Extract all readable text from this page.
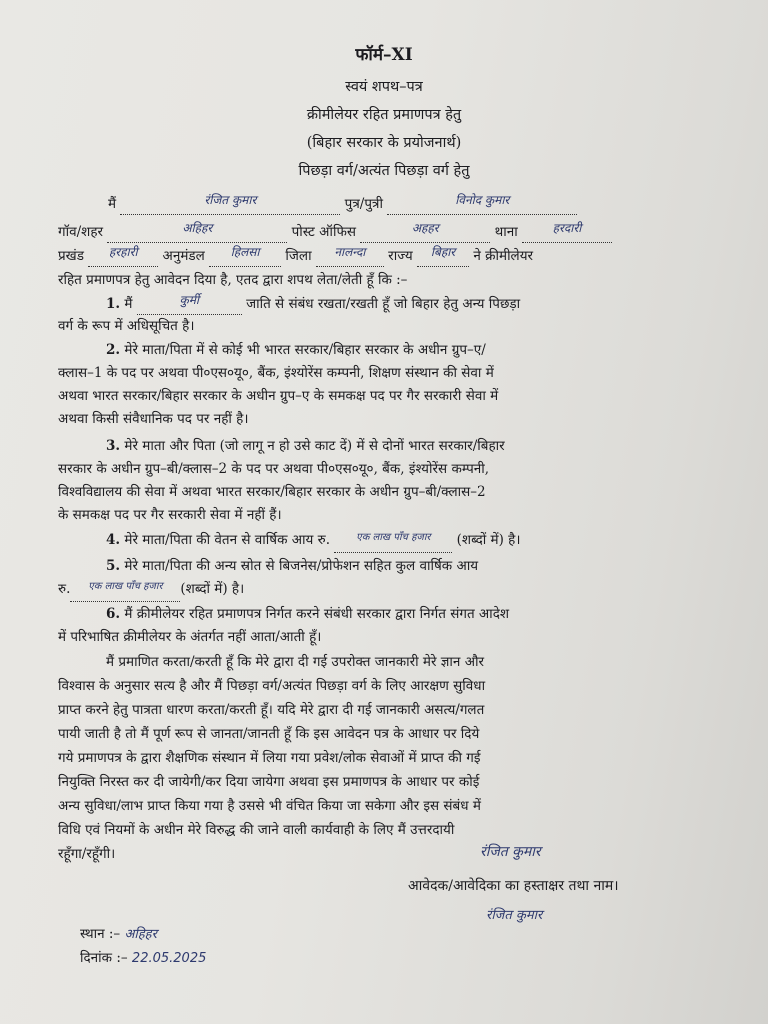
फॉर्म–XI
स्वयं शपथ–पत्र
क्रीमीलेयर रहित प्रमाणपत्र हेतु
(बिहार सरकार के प्रयोजनार्थ)
पिछड़ा वर्ग/अत्यंत पिछड़ा वर्ग हेतु
मैं	रंजित कुमार	पुत्र/पुत्री	विनोद कुमार
गॉव/शहर	अहिहर	पोस्ट ऑफिस	अहहर	थाना	हरदारी
प्रखंड हरहारी अनुमंडल हिलसा जिला नालन्दा राज्य बिहार ने क्रीमीलेयर
रहित प्रमाणपत्र हेतु आवेदन दिया है, एतद द्वारा शपथ लेता/लेती हूँ कि :–
1. मैं	कुर्मी	जाति से संबंध रखता/रखती हूँ जो बिहार हेतु अन्य पिछड़ा
वर्ग के रूप में अधिसूचित है।
2. मेरे माता/पिता में से कोई भी भारत सरकार/बिहार सरकार के अधीन ग्रुप–ए/
क्लास–1 के पद पर अथवा पी०एस०यू०, बैंक, इंश्योरेंस कम्पनी, शिक्षण संस्थान की सेवा में
अथवा भारत सरकार/बिहार सरकार के अधीन ग्रुप–ए के समकक्ष पद पर गैर सरकारी सेवा में
अथवा किसी संवैधानिक पद पर नहीं है।
3. मेरे माता और पिता (जो लागू न हो उसे काट दें) में से दोनों भारत सरकार/बिहार
सरकार के अधीन ग्रुप–बी/क्लास–2 के पद पर अथवा पी०एस०यू०, बैंक, इंश्योरेंस कम्पनी,
विश्वविद्यालय की सेवा में अथवा भारत सरकार/बिहार सरकार के अधीन ग्रुप–बी/क्लास–2
के समकक्ष पद पर गैर सरकारी सेवा में नहीं हैं।
4. मेरे माता/पिता की वेतन से वार्षिक आय रु.	$^{एक लाख पाँच हजार}$ (शब्दों में) है।
5. मेरे माता/पिता की अन्य स्रोत से बिजनेस/प्रोफेशन सहित कुल वार्षिक आय
रु. $^{एक लाख पाँच हजार}$ (शब्दों में) है।
6. मैं क्रीमीलेयर रहित प्रमाणपत्र निर्गत करने संबंधी सरकार द्वारा निर्गत संगत आदेश
में परिभाषित क्रीमीलेयर के अंतर्गत नहीं आता/आती हूँ।
मैं प्रमाणित करता/करती हूँ कि मेरे द्वारा दी गई उपरोक्त जानकारी मेरे ज्ञान और
विश्वास के अनुसार सत्य है और मैं पिछड़ा वर्ग/अत्यंत पिछड़ा वर्ग के लिए आरक्षण सुविधा
प्राप्त करने हेतु पात्रता धारण करता/करती हूँ। यदि मेरे द्वारा दी गई जानकारी असत्य/गलत
पायी जाती है तो मैं पूर्ण रूप से जानता/जानती हूँ कि इस आवेदन पत्र के आधार पर दिये
गये प्रमाणपत्र के द्वारा शैक्षणिक संस्थान में लिया गया प्रवेश/लोक सेवाओं में प्राप्त की गई
नियुक्ति निरस्त कर दी जायेगी/कर दिया जायेगा अथवा इस प्रमाणपत्र के आधार पर कोई
अन्य सुविधा/लाभ प्राप्त किया गया है उससे भी वंचित किया जा सकेगा और इस संबंध में
विधि एवं नियमों के अधीन मेरे विरुद्ध की जाने वाली कार्यवाही के लिए मैं उत्तरदायी
रहूँगा/रहूँगी।	रंजित कुमार
आवेदक/आवेदिका का हस्ताक्षर तथा नाम।
रंजित कुमार
स्थान :– अहिहर
दिनांक :– 22.05.2025
